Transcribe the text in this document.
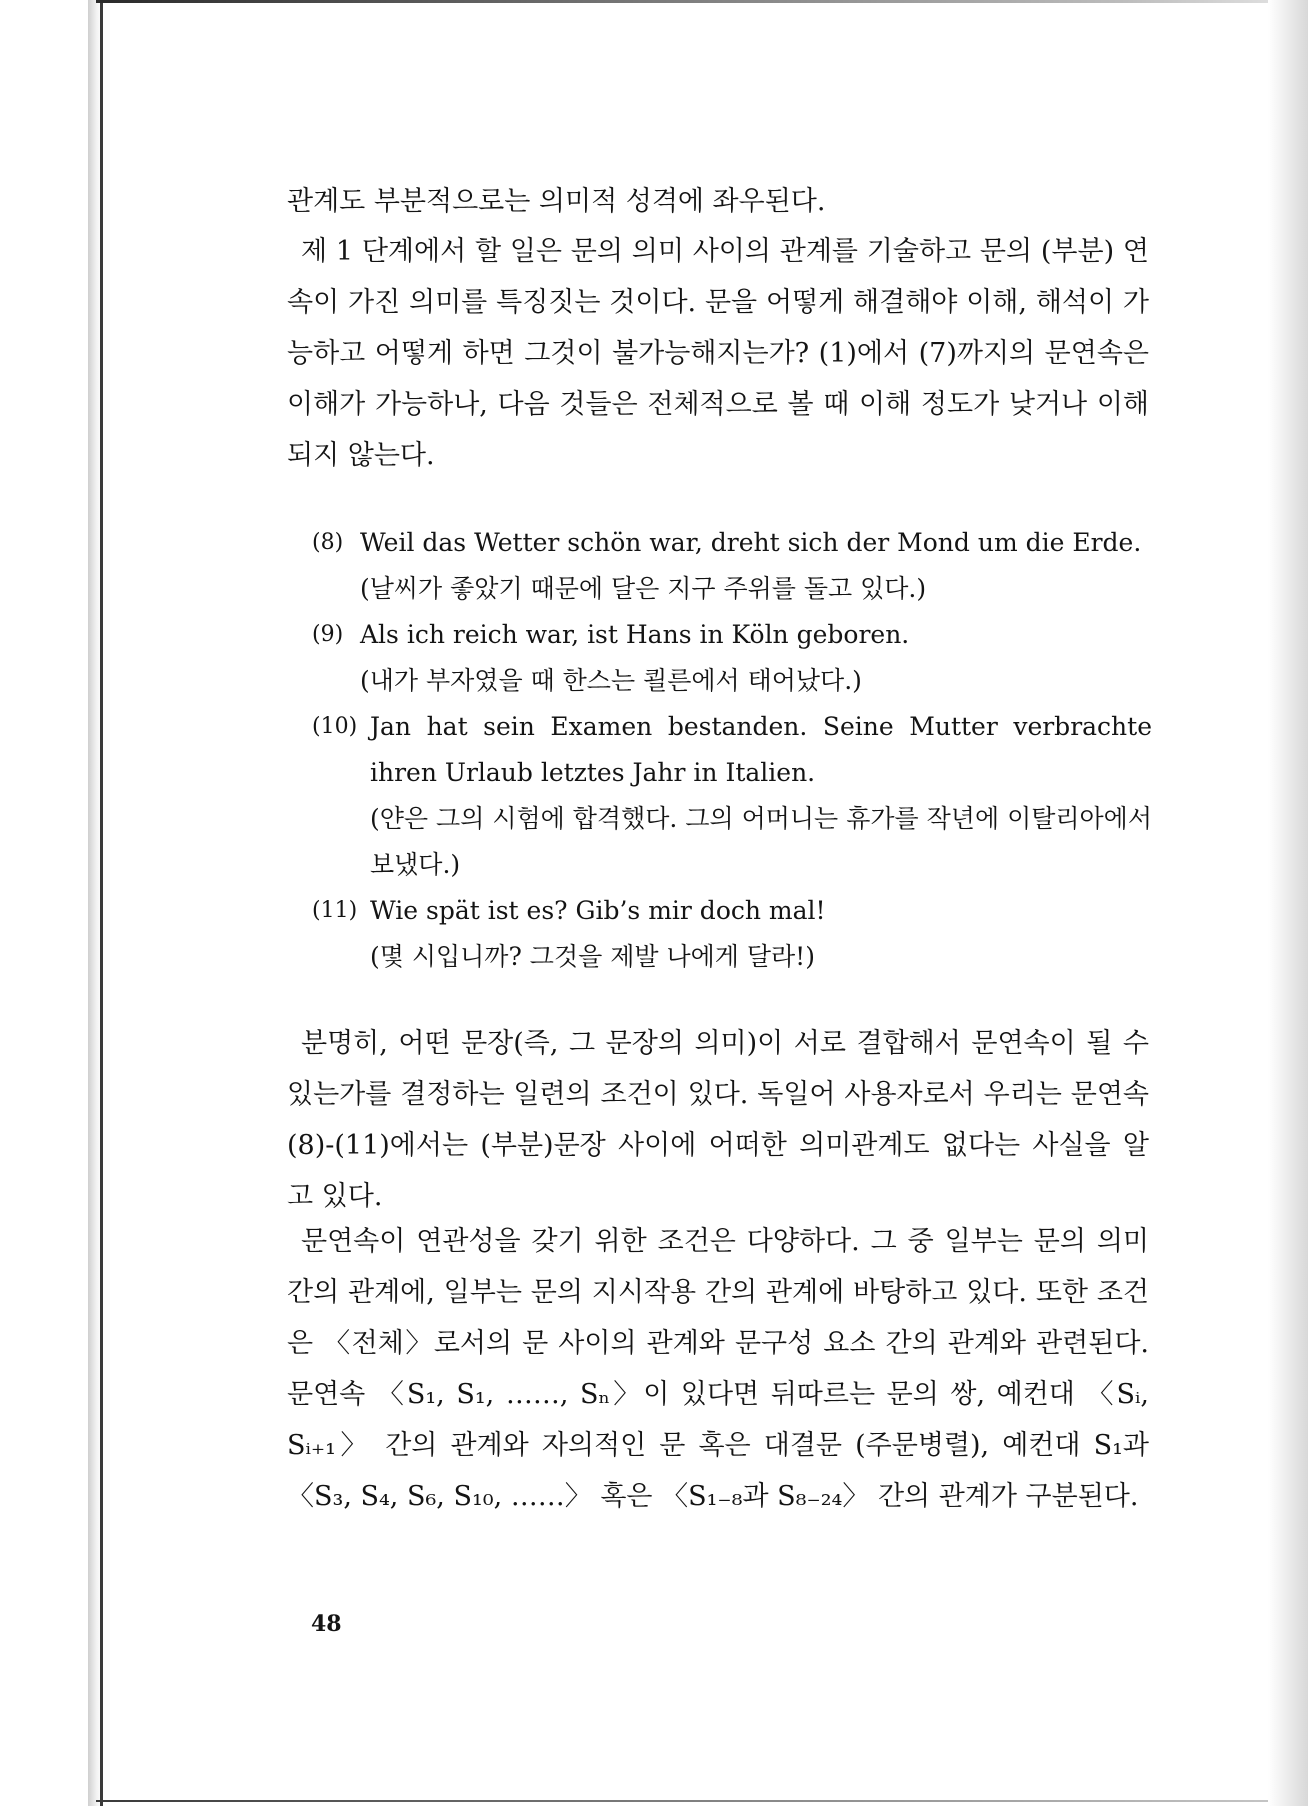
관계도 부분적으로는 의미적 성격에 좌우된다.

제 1 단계에서 할 일은 문의 의미 사이의 관계를 기술하고 문의 (부분) 연속이 가진 의미를 특징짓는 것이다. 문을 어떻게 해결해야 이해, 해석이 가능하고 어떻게 하면 그것이 불가능해지는가? (1)에서 (7)까지의 문연속은 이해가 가능하나, 다음 것들은 전체적으로 볼 때 이해 정도가 낮거나 이해되지 않는다.

(8) Weil das Wetter schön war, dreht sich der Mond um die Erde.
(날씨가 좋았기 때문에 달은 지구 주위를 돌고 있다.)
(9) Als ich reich war, ist Hans in Köln geboren.
(내가 부자였을 때 한스는 쾰른에서 태어났다.)
(10) Jan hat sein Examen bestanden. Seine Mutter verbrachte ihren Urlaub letztes Jahr in Italien.
(얀은 그의 시험에 합격했다. 그의 어머니는 휴가를 작년에 이탈리아에서 보냈다.)
(11) Wie spät ist es? Gib’s mir doch mal!
(몇 시입니까? 그것을 제발 나에게 달라!)

분명히, 어떤 문장(즉, 그 문장의 의미)이 서로 결합해서 문연속이 될 수 있는가를 결정하는 일련의 조건이 있다. 독일어 사용자로서 우리는 문연속 (8)-(11)에서는 (부분)문장 사이에 어떠한 의미관계도 없다는 사실을 알고 있다.

문연속이 연관성을 갖기 위한 조건은 다양하다. 그 중 일부는 문의 의미 간의 관계에, 일부는 문의 지시작용 간의 관계에 바탕하고 있다. 또한 조건은 〈전체〉로서의 문 사이의 관계와 문구성 요소 간의 관계와 관련된다. 문연속 〈S₁, S₁, ……, Sₙ〉이 있다면 뒤따르는 문의 쌍, 예컨대 〈Sᵢ, Sᵢ₊₁〉 간의 관계와 자의적인 문 혹은 대결문 (주문병렬), 예컨대 S₁과 〈S₃, S₄, S₆, S₁₀, ……〉 혹은 〈S₁₋₈과 S₈₋₂₄〉 간의 관계가 구분된다.

48
